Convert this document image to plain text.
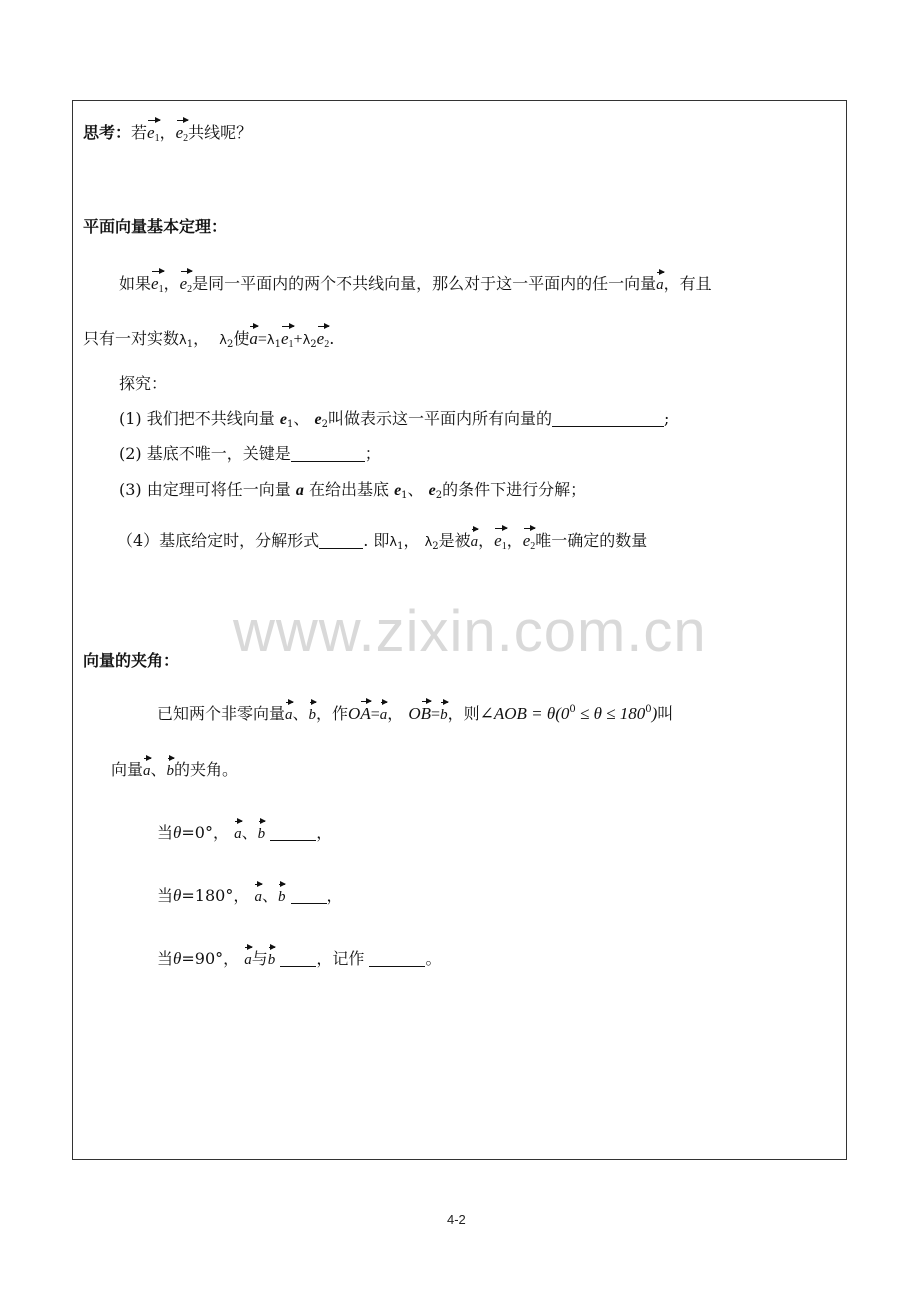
思考：若$e_1$，$e_2$共线呢？
平面向量基本定理：
如果$e_1$，$e_2$是同一平面内的两个不共线向量，那么对于这一平面内的任一向量a，有且
只有一对实数$\lambda_1$， $\lambda_2$使$a=\lambda_1e_1+\lambda_2e_2$.
探究：
(1) 我们把不共线向量 $e_1$、 $e_2$叫做表示这一平面内所有向量的	;
(2) 基底不唯一，关键是	；
(3) 由定理可将任一向量 a 在给出基底 $e_1$、 $e_2$的条件下进行分解；
（4）基底给定时，分解形式	. 即$\lambda_1$， $\lambda_2$是被a，$e_1$，$e_2$唯一确定的数量
www.zixin.com.cn
向量的夹角：
已知两个非零向量a、b，作OA=a， OB=b，则∠AOB = $\theta(0^0 \le \theta \le 180^0)$叫
向量a、b的夹角。
当θ=0°， a、b	，
当θ=180°， a、b	，
当θ=90°， a与b	，记作	。
4-2
